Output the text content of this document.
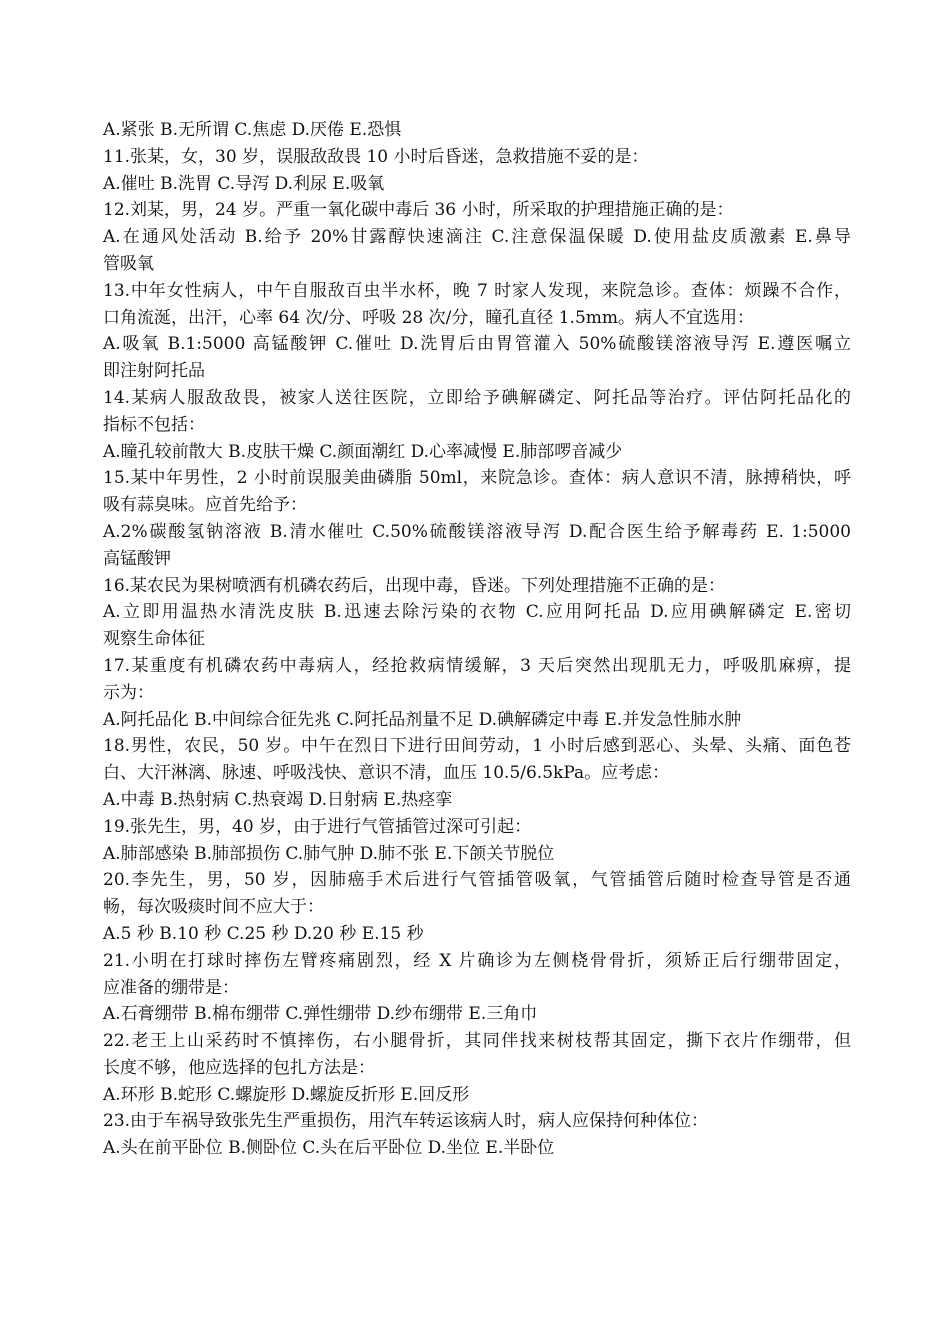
A.紧张 B.无所谓 C.焦虑 D.厌倦 E.恐惧
11.张某，女，30 岁，误服敌敌畏 10 小时后昏迷，急救措施不妥的是：
A.催吐 B.洗胃 C.导泻 D.利尿 E.吸氧
12.刘某，男，24 岁。严重一氧化碳中毒后 36 小时，所采取的护理措施正确的是：
A.在通风处活动 B.给予 20%甘露醇快速滴注 C.注意保温保暖 D.使用盐皮质激素 E.鼻导
管吸氧
13.中年女性病人，中午自服敌百虫半水杯，晚 7 时家人发现，来院急诊。查体：烦躁不合作，
口角流涎，出汗，心率 64 次/分、呼吸 28 次/分，瞳孔直径 1.5mm。病人不宜选用：
A.吸氧 B.1:5000 高锰酸钾 C.催吐 D.洗胃后由胃管灌入 50%硫酸镁溶液导泻 E.遵医嘱立
即注射阿托品
14.某病人服敌敌畏，被家人送往医院，立即给予碘解磷定、阿托品等治疗。评估阿托品化的
指标不包括：
A.瞳孔较前散大 B.皮肤干燥 C.颜面潮红 D.心率减慢 E.肺部啰音减少
15.某中年男性，2 小时前误服美曲磷脂 50ml，来院急诊。查体：病人意识不清，脉搏稍快，呼
吸有蒜臭味。应首先给予：
A.2%碳酸氢钠溶液 B.清水催吐 C.50%硫酸镁溶液导泻 D.配合医生给予解毒药 E. 1:5000
高锰酸钾
16.某农民为果树喷洒有机磷农药后，出现中毒，昏迷。下列处理措施不正确的是：
A.立即用温热水清洗皮肤 B.迅速去除污染的衣物 C.应用阿托品 D.应用碘解磷定 E.密切
观察生命体征
17.某重度有机磷农药中毒病人，经抢救病情缓解，3 天后突然出现肌无力，呼吸肌麻痹，提
示为：
A.阿托品化 B.中间综合征先兆 C.阿托品剂量不足 D.碘解磷定中毒 E.并发急性肺水肿
18.男性，农民，50 岁。中午在烈日下进行田间劳动，1 小时后感到恶心、头晕、头痛、面色苍
白、大汗淋漓、脉速、呼吸浅快、意识不清，血压 10.5/6.5kPa。应考虑：
A.中毒 B.热射病 C.热衰竭 D.日射病 E.热痉挛
19.张先生，男，40 岁，由于进行气管插管过深可引起：
A.肺部感染 B.肺部损伤 C.肺气肿 D.肺不张 E.下颌关节脱位
20.李先生，男，50 岁，因肺癌手术后进行气管插管吸氧，气管插管后随时检查导管是否通
畅，每次吸痰时间不应大于：
A.5 秒 B.10 秒 C.25 秒 D.20 秒 E.15 秒
21.小明在打球时摔伤左臂疼痛剧烈，经 X 片确诊为左侧桡骨骨折，须矫正后行绷带固定，
应准备的绷带是：
A.石膏绷带 B.棉布绷带 C.弹性绷带 D.纱布绷带 E.三角巾
22.老王上山采药时不慎摔伤，右小腿骨折，其同伴找来树枝帮其固定，撕下衣片作绷带，但
长度不够，他应选择的包扎方法是：
A.环形 B.蛇形 C.螺旋形 D.螺旋反折形 E.回反形
23.由于车祸导致张先生严重损伤，用汽车转运该病人时，病人应保持何种体位：
A.头在前平卧位 B.侧卧位 C.头在后平卧位 D.坐位 E.半卧位
